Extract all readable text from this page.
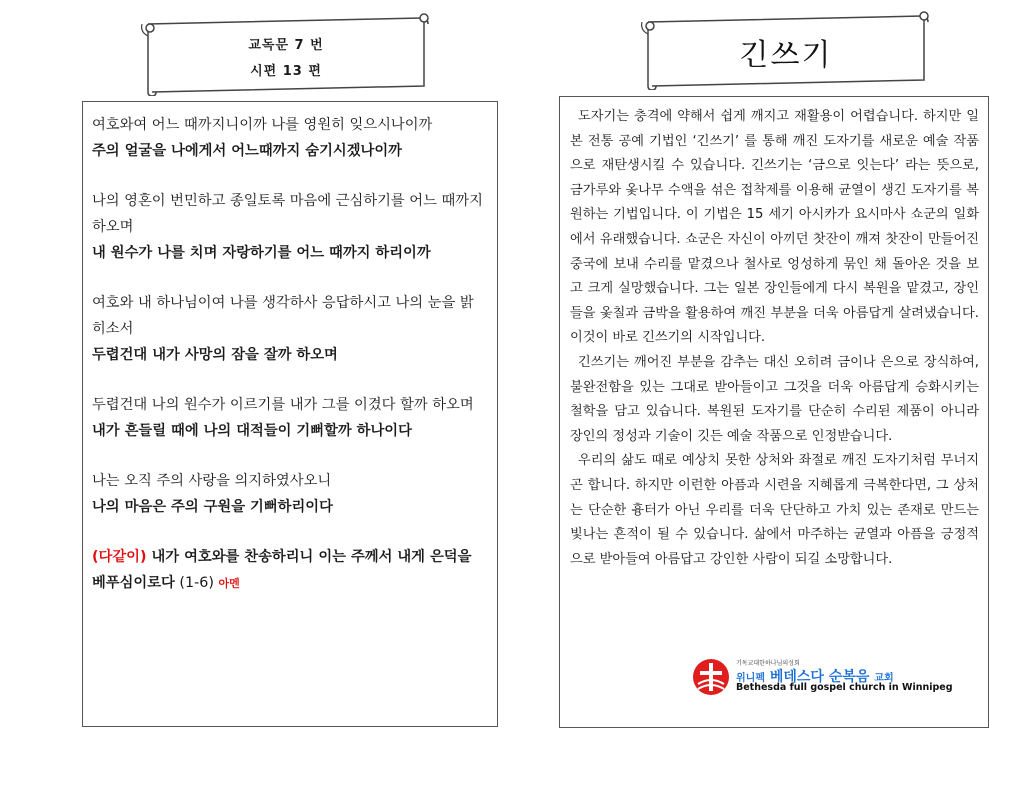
교독문 7 번
시편 13 편	긴쓰기

여호와여 어느 때까지니이까 나를 영원히 잊으시나이까
주의 얼굴을 나에게서 어느때까지 숨기시겠나이까

나의 영혼이 번민하고 종일토록 마음에 근심하기를 어느 때까지 하오며
내 원수가 나를 치며 자랑하기를 어느 때까지 하리이까

여호와 내 하나님이여 나를 생각하사 응답하시고 나의 눈을 밝히소서
두렵건대 내가 사망의 잠을 잘까 하오며

두렵건대 나의 원수가 이르기를 내가 그를 이겼다 할까 하오며
내가 흔들릴 때에 나의 대적들이 기뻐할까 하나이다

나는 오직 주의 사랑을 의지하였사오니
나의 마음은 주의 구원을 기뻐하리이다

(다같이) 내가 여호와를 찬송하리니 이는 주께서 내게 은덕을 베푸심이로다 (1-6) 아멘

도자기는 충격에 약해서 쉽게 깨지고 재활용이 어렵습니다. 하지만 일본 전통 공예 기법인 ‘긴쓰기’ 를 통해 깨진 도자기를 새로운 예술 작품으로 재탄생시킬 수 있습니다. 긴쓰기는 ‘금으로 잇는다’ 라는 뜻으로, 금가루와 옻나무 수액을 섞은 접착제를 이용해 균열이 생긴 도자기를 복원하는 기법입니다. 이 기법은 15 세기 아시카가 요시마사 쇼군의 일화에서 유래했습니다. 쇼군은 자신이 아끼던 찻잔이 깨져 찻잔이 만들어진 중국에 보내 수리를 맡겼으나 철사로 엉성하게 묶인 채 돌아온 것을 보고 크게 실망했습니다. 그는 일본 장인들에게 다시 복원을 맡겼고, 장인들을 옻칠과 금박을 활용하여 깨진 부분을 더욱 아름답게 살려냈습니다. 이것이 바로 긴쓰기의 시작입니다.

긴쓰기는 깨어진 부분을 감추는 대신 오히려 금이나 은으로 장식하여, 불완전함을 있는 그대로 받아들이고 그것을 더욱 아름답게 승화시키는 철학을 담고 있습니다. 복원된 도자기를 단순히 수리된 제품이 아니라 장인의 정성과 기술이 깃든 예술 작품으로 인정받습니다.

우리의 삶도 때로 예상치 못한 상처와 좌절로 깨진 도자기처럼 무너지곤 합니다. 하지만 이런한 아픔과 시련을 지혜롭게 극복한다면, 그 상처는 단순한 흉터가 아닌 우리를 더욱 단단하고 가치 있는 존재로 만드는 빛나는 흔적이 될 수 있습니다. 삶에서 마주하는 균열과 아픔을 긍정적으로 받아들여 아름답고 강인한 사람이 되길 소망합니다.

기독교대한하나님의성회
위니펙 베데스다 순복음 교회
Bethesda full gospel church in Winnipeg
